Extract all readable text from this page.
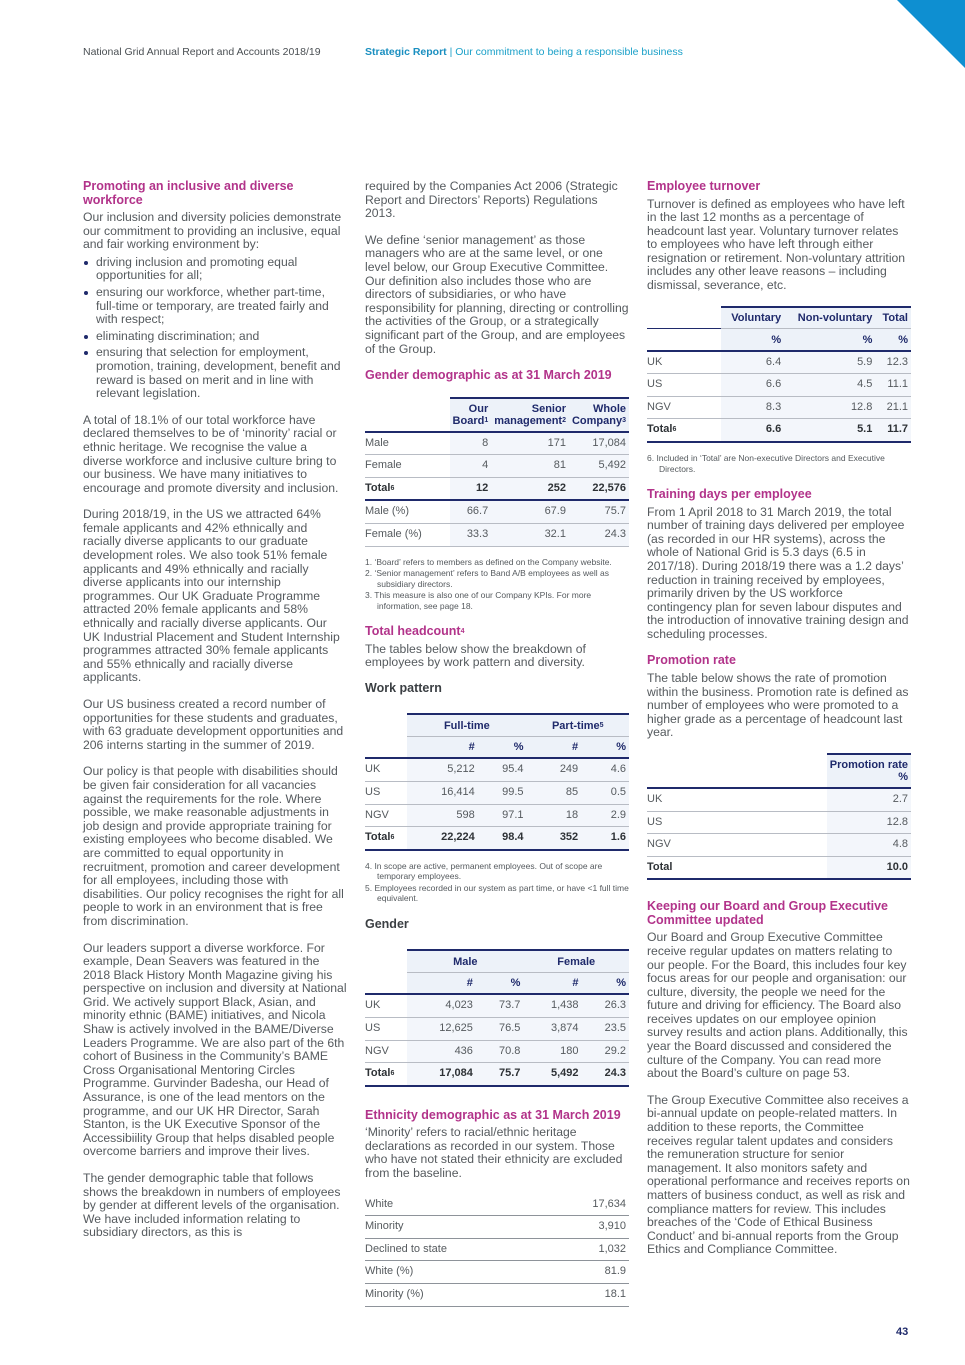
National Grid Annual Report and Accounts 2018/19	Strategic Report | Our commitment to being a responsible business
Promoting an inclusive and diverse workforce

Our inclusion and diversity policies demonstrate our commitment to providing an inclusive, equal and fair working environment by:

driving inclusion and promoting equal opportunities for all;
ensuring our workforce, whether part-time, full-time or temporary, are treated fairly and with respect;
eliminating discrimination; and
ensuring that selection for employment, promotion, training, development, benefit and reward is based on merit and in line with relevant legislation.

A total of 18.1% of our total workforce have declared themselves to be of ‘minority’ racial or ethnic heritage. We recognise the value a diverse workforce and inclusive culture bring to our business. We have many initiatives to encourage and promote diversity and inclusion.

During 2018/19, in the US we attracted 64% female applicants and 42% ethnically and racially diverse applicants to our graduate development roles. We also took 51% female applicants and 49% ethnically and racially diverse applicants into our internship programmes. Our UK Graduate Programme attracted 20% female applicants and 58% ethnically and racially diverse applicants. Our UK Industrial Placement and Student Internship programmes attracted 30% female applicants and 55% ethnically and racially diverse applicants.

Our US business created a record number of opportunities for these students and graduates, with 63 graduate development opportunities and 206 interns starting in the summer of 2019.

Our policy is that people with disabilities should be given fair consideration for all vacancies against the requirements for the role. Where possible, we make reasonable adjustments in job design and provide appropriate training for existing employees who become disabled. We are committed to equal opportunity in recruitment, promotion and career development for all employees, including those with disabilities. Our policy recognises the right for all people to work in an environment that is free from discrimination.

Our leaders support a diverse workforce. For example, Dean Seavers was featured in the 2018 Black History Month Magazine giving his perspective on inclusion and diversity at National Grid. We actively support Black, Asian, and minority ethnic (BAME) initiatives, and Nicola Shaw is actively involved in the BAME/Diverse Leaders Programme. We are also part of the 6th cohort of Business in the Community’s BAME Cross Organisational Mentoring Circles Programme. Gurvinder Badesha, our Head of Assurance, is one of the lead mentors on the programme, and our UK HR Director, Sarah Stanton, is the UK Executive Sponsor of the Accessibiility Group that helps disabled people overcome barriers and improve their lives.

The gender demographic table that follows shows the breakdown in numbers of employees by gender at different levels of the organisation. We have included information relating to subsidiary directors, as this is

required by the Companies Act 2006 (Strategic Report and Directors’ Reports) Regulations 2013.

We define ‘senior management’ as those managers who are at the same level, or one level below, our Group Executive Committee. Our definition also includes those who are directors of subsidiaries, or who have responsibility for planning, directing or controlling the activities of the Group, or a strategically significant part of the Group, and are employees of the Group.

Gender demographic as at 31 March 2019
	Our Board$^1$	Senior management$^2$	Whole Company$^3$
Male	8	171	17,084
Female	4	81	5,492
Total$^6$	12	252	22,576
Male (%)	66.7	67.9	75.7
Female (%)	33.3	32.1	24.3
1. ‘Board’ refers to members as defined on the Company website.
2. ‘Senior management’ refers to Band A/B employees as well as subsidiary directors.
3. This measure is also one of our Company KPIs. For more information, see page 18.
Total headcount$^4$

The tables below show the breakdown of employees by work pattern and diversity.

Work pattern
	Full-time		Part-time$^5$
	#	%	#	%
UK	5,212	95.4	249	4.6
US	16,414	99.5	85	0.5
NGV	598	97.1	18	2.9
Total$^6$	22,224	98.4	352	1.6
4. In scope are active, permanent employees. Out of scope are temporary employees.
5. Employees recorded in our system as part time, or have <1 full time equivalent.
Gender
	Male		Female	
	#	%	#	%
UK	4,023	73.7	1,438	26.3
US	12,625	76.5	3,874	23.5
NGV	436	70.8	180	29.2
Total$^6$	17,084	75.7	5,492	24.3
Ethnicity demographic as at 31 March 2019

‘Minority’ refers to racial/ethnic heritage declarations as recorded in our system. Those who have not stated their ethnicity are excluded from the baseline.

White	17,634
Minority	3,910
Declined to state	1,032
White (%)	81.9
Minority (%)	18.1
Employee turnover

Turnover is defined as employees who have left in the last 12 months as a percentage of headcount last year. Voluntary turnover relates to employees who have left through either resignation or retirement. Non-voluntary attrition includes any other leave reasons – including dismissal, severance, etc.

	Voluntary	Non-voluntary	Total
	%	%	%
UK	6.4	5.9	12.3
US	6.6	4.5	11.1
NGV	8.3	12.8	21.1
Total$^6$	6.6	5.1	11.7
6. Included in ‘Total’ are Non-executive Directors and Executive Directors.
Training days per employee

From 1 April 2018 to 31 March 2019, the total number of training days delivered per employee (as recorded in our HR systems), across the whole of National Grid is 5.3 days (6.5 in 2017/18). During 2018/19 there was a 1.2 days’ reduction in training received by employees, primarily driven by the US workforce contingency plan for seven labour disputes and the introduction of innovative training design and scheduling processes.

Promotion rate

The table below shows the rate of promotion within the business. Promotion rate is defined as number of employees who were promoted to a higher grade as a percentage of headcount last year.

	Promotion rate %
UK	2.7
US	12.8
NGV	4.8
Total	10.0
Keeping our Board and Group Executive Committee updated

Our Board and Group Executive Committee receive regular updates on matters relating to our people. For the Board, this includes four key focus areas for our people and organisation: our culture, diversity, the people we need for the future and driving for efficiency. The Board also receives updates on our employee opinion survey results and action plans. Additionally, this year the Board discussed and considered the culture of the Company. You can read more about the Board’s culture on page 53.

The Group Executive Committee also receives a bi-annual update on people-related matters. In addition to these reports, the Committee receives regular talent updates and considers the remuneration structure for senior management. It also monitors safety and operational performance and receives reports on matters of business conduct, as well as risk and compliance matters for review. This includes breaches of the ‘Code of Ethical Business Conduct’ and bi-annual reports from the Group Ethics and Compliance Committee.

43
